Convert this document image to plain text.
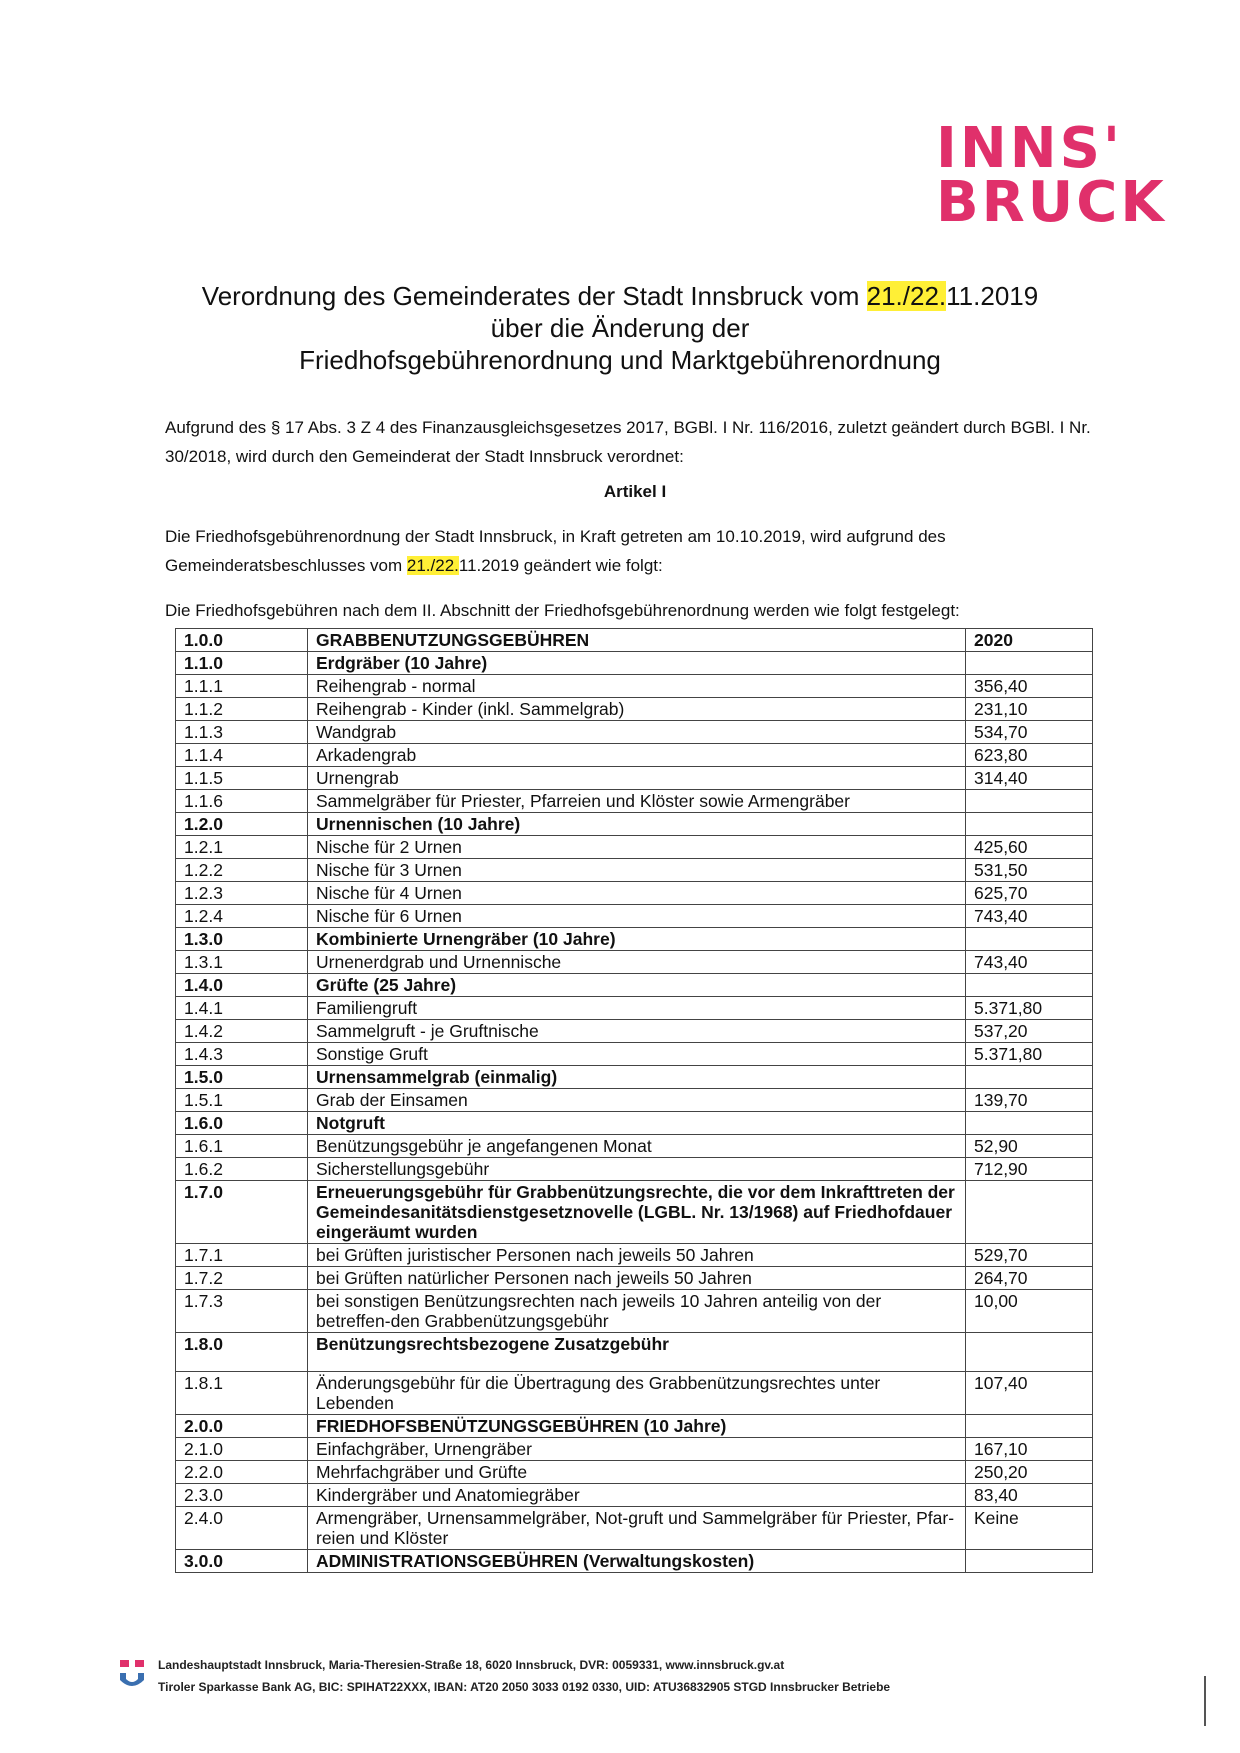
INNS'
BRUCK
Verordnung des Gemeinderates der Stadt Innsbruck vom 21./22.11.2019
über die Änderung der
Friedhofsgebührenordnung und Marktgebührenordnung
Aufgrund des § 17 Abs. 3 Z 4 des Finanzausgleichsgesetzes 2017, BGBl. I Nr. 116/2016, zuletzt geändert durch BGBl. I Nr. 30/2018, wird durch den Gemeinderat der Stadt Innsbruck verordnet:
Artikel I
Die Friedhofsgebührenordnung der Stadt Innsbruck, in Kraft getreten am 10.10.2019, wird aufgrund des Gemeinderatsbeschlusses vom 21./22.11.2019 geändert wie folgt:
Die Friedhofsgebühren nach dem II. Abschnitt der Friedhofsgebührenordnung werden wie folgt festgelegt:
1.0.0	GRABBENUTZUNGSGEBÜHREN	2020
1.1.0	Erdgräber (10 Jahre)	
1.1.1	Reihengrab - normal	356,40
1.1.2	Reihengrab - Kinder (inkl. Sammelgrab)	231,10
1.1.3	Wandgrab	534,70
1.1.4	Arkadengrab	623,80
1.1.5	Urnengrab	314,40
1.1.6	Sammelgräber für Priester, Pfarreien und Klöster sowie Armengräber	
1.2.0	Urnennischen (10 Jahre)	
1.2.1	Nische für 2 Urnen	425,60
1.2.2	Nische für 3 Urnen	531,50
1.2.3	Nische für 4 Urnen	625,70
1.2.4	Nische für 6 Urnen	743,40
1.3.0	Kombinierte Urnengräber (10 Jahre)	
1.3.1	Urnenerdgrab und Urnennische	743,40
1.4.0	Grüfte (25 Jahre)	
1.4.1	Familiengruft	5.371,80
1.4.2	Sammelgruft - je Gruftnische	537,20
1.4.3	Sonstige Gruft	5.371,80
1.5.0	Urnensammelgrab (einmalig)	
1.5.1	Grab der Einsamen	139,70
1.6.0	Notgruft	
1.6.1	Benützungsgebühr je angefangenen Monat	52,90
1.6.2	Sicherstellungsgebühr	712,90
1.7.0	Erneuerungsgebühr für Grabbenützungsrechte, die vor dem Inkrafttreten der Gemeindesanitätsdienstgesetznovelle (LGBL. Nr. 13/1968) auf Friedhofdauer eingeräumt wurden	
1.7.1	bei Grüften juristischer Personen nach jeweils 50 Jahren	529,70
1.7.2	bei Grüften natürlicher Personen nach jeweils 50 Jahren	264,70
1.7.3	bei sonstigen Benützungsrechten nach jeweils 10 Jahren anteilig von der betreffen-den Grabbenützungsgebühr	10,00
1.8.0	Benützungsrechtsbezogene Zusatzgebühr	
1.8.1	Änderungsgebühr für die Übertragung des Grabbenützungsrechtes unter Lebenden	107,40
2.0.0	FRIEDHOFSBENÜTZUNGSGEBÜHREN (10 Jahre)	
2.1.0	Einfachgräber, Urnengräber	167,10
2.2.0	Mehrfachgräber und Grüfte	250,20
2.3.0	Kindergräber und Anatomiegräber	83,40
2.4.0	Armengräber, Urnensammelgräber, Not-gruft und Sammelgräber für Priester, Pfar-reien und Klöster	Keine
3.0.0	ADMINISTRATIONSGEBÜHREN (Verwaltungskosten)	
Landeshauptstadt Innsbruck, Maria-Theresien-Straße 18, 6020 Innsbruck, DVR: 0059331, www.innsbruck.gv.at
Tiroler Sparkasse Bank AG, BIC: SPIHAT22XXX, IBAN: AT20 2050 3033 0192 0330, UID: ATU36832905 STGD Innsbrucker Betriebe
